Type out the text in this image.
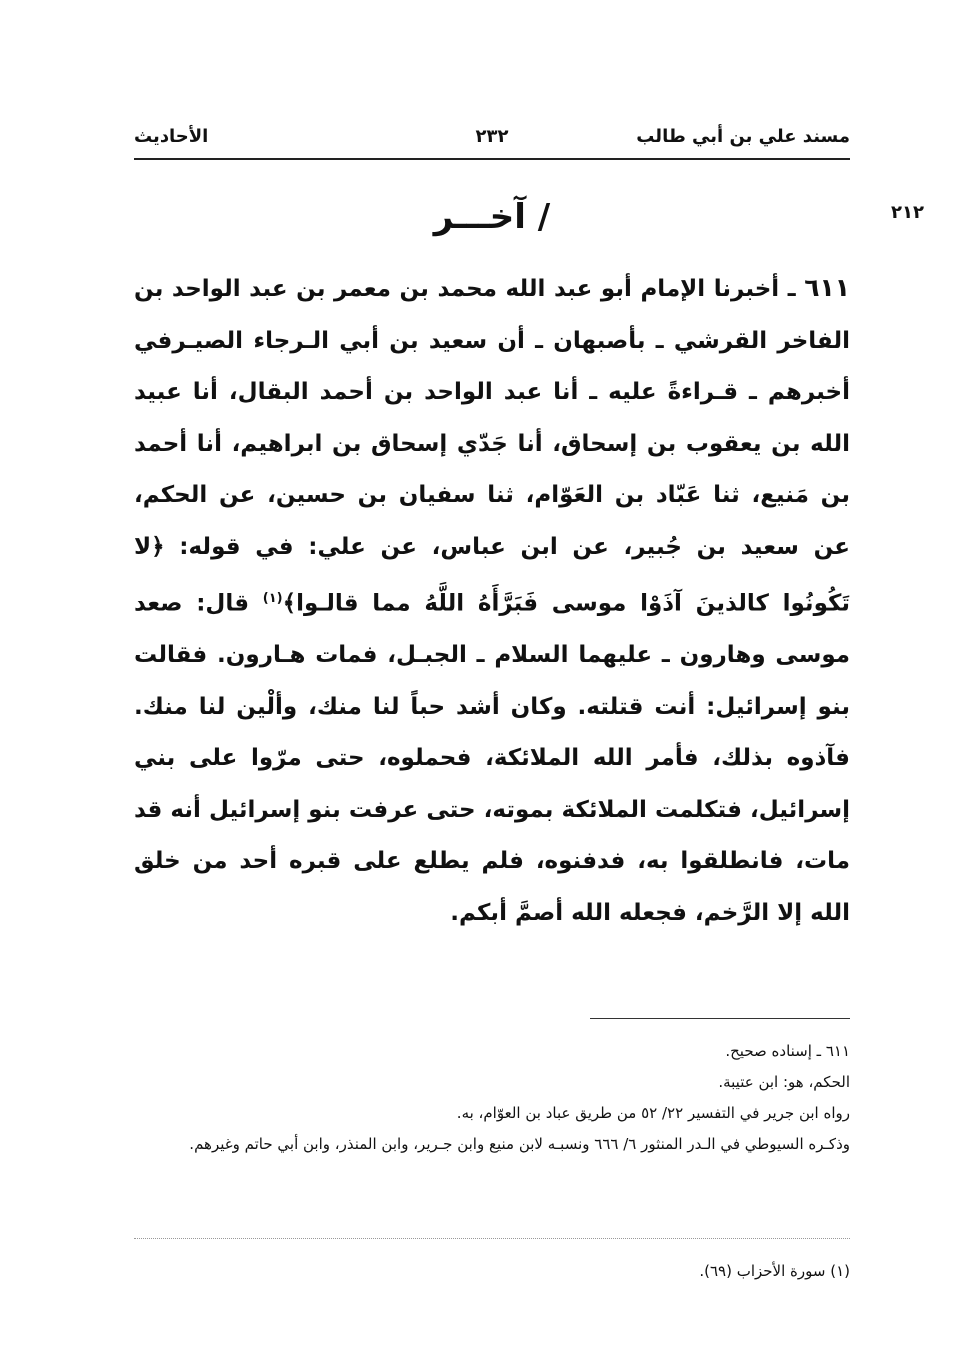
مسند علي بن أبي طالب
٢٣٢
الأحاديث
٢١٢
/ آخـــر
٦١١ ـ أخبرنا الإمام أبو عبد الله محمد بن معمر بن عبد الواحد بن الفاخر القرشي ـ بأصبهان ـ أن سعيد بن أبي الـرجاء الصيـرفي أخبرهم ـ قـراءةً عليه ـ أنا عبد الواحد بن أحمد البقال، أنا عبيد الله بن يعقوب بن إسحاق، أنا جَدّي إسحاق بن ابراهيم، أنا أحمد بن مَنيع، ثنا عَبّاد بن العَوّام، ثنا سفيان بن حسين، عن الحكم، عن سعيد بن جُبير، عن ابن عباس، عن علي: في قوله: ﴿لا تَكُونُوا كالذينَ آذَوْا موسى فَبَرَّأَهُ اللَّهُ مما قالـوا﴾$^{(١)}$ قال: صعد موسى وهارون ـ عليهما السلام ـ الجبـل، فمات هـارون. فقالت بنو إسرائيل: أنت قتلته. وكان أشد حباً لنا منك، وألْين لنا منك. فآذوه بذلك، فأمر الله الملائكة، فحملوه، حتى مرّوا على بني إسرائيل، فتكلمت الملائكة بموته، حتى عرفت بنو إسرائيل أنه قد مات، فانطلقوا به، فدفنوه، فلم يطلع على قبره أحد من خلق الله إلا الرَّخم، فجعله الله أصمَّ أبكم.
٦١١ ـ إسناده صحيح.
الحكم، هو: ابن عتيبة.
رواه ابن جرير في التفسير ٢٢/ ٥٢ من طريق عباد بن العوّام، به.
وذكـره السيوطي في الـدر المنثور ٦/ ٦٦٦ ونسبـه لابن منيع وابن جـرير، وابن المنذر، وابن أبي حاتم وغيرهم.
(١) سورة الأحزاب (٦٩).
